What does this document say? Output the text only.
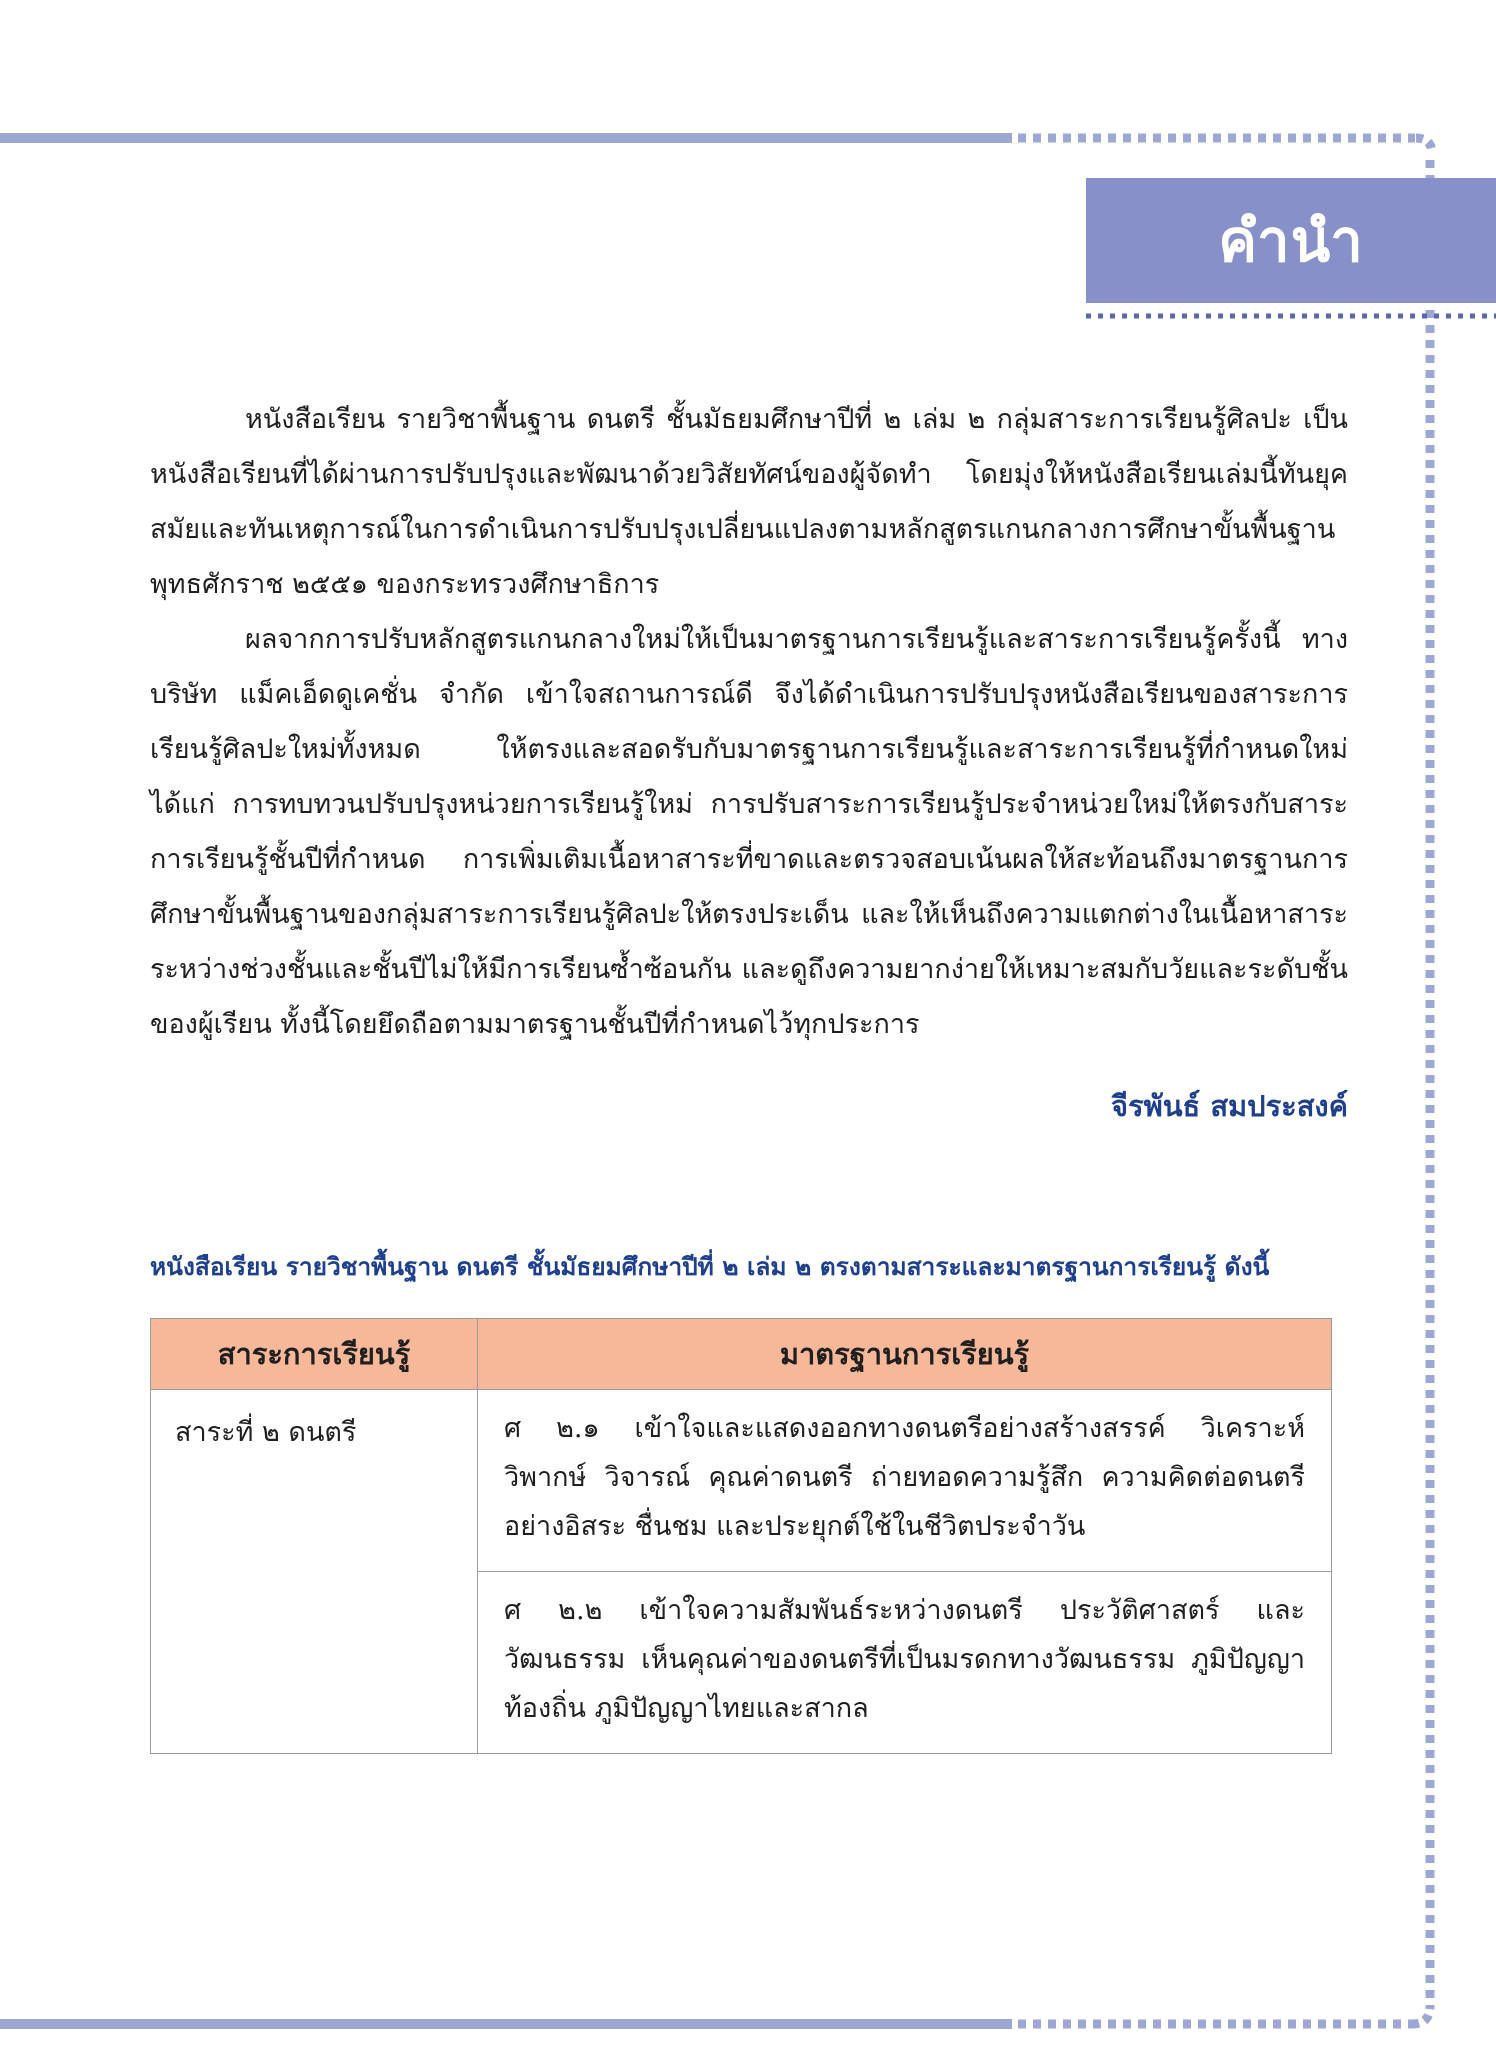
คำนำ

หนังสือเรียน รายวิชาพื้นฐาน ดนตรี ชั้นมัธยมศึกษาปีที่ ๒ เล่ม ๒ กลุ่มสาระการเรียนรู้ศิลปะ เป็นหนังสือเรียนที่ได้ผ่านการปรับปรุงและพัฒนาด้วยวิสัยทัศน์ของผู้จัดทำ โดยมุ่งให้หนังสือเรียนเล่มนี้ทันยุคสมัยและทันเหตุการณ์ในการดำเนินการปรับปรุงเปลี่ยนแปลงตามหลักสูตรแกนกลางการศึกษาขั้นพื้นฐาน พุทธศักราช ๒๕๕๑ ของกระทรวงศึกษาธิการ

ผลจากการปรับหลักสูตรแกนกลางใหม่ให้เป็นมาตรฐานการเรียนรู้และสาระการเรียนรู้ครั้งนี้ ทางบริษัท แม็คเอ็ดดูเคชั่น จำกัด เข้าใจสถานการณ์ดี จึงได้ดำเนินการปรับปรุงหนังสือเรียนของสาระการเรียนรู้ศิลปะใหม่ทั้งหมด ให้ตรงและสอดรับกับมาตรฐานการเรียนรู้และสาระการเรียนรู้ที่กำหนดใหม่ ได้แก่ การทบทวนปรับปรุงหน่วยการเรียนรู้ใหม่ การปรับสาระการเรียนรู้ประจำหน่วยใหม่ให้ตรงกับสาระการเรียนรู้ชั้นปีที่กำหนด การเพิ่มเติมเนื้อหาสาระที่ขาดและตรวจสอบเน้นผลให้สะท้อนถึงมาตรฐานการศึกษาขั้นพื้นฐานของกลุ่มสาระการเรียนรู้ศิลปะให้ตรงประเด็น และให้เห็นถึงความแตกต่างในเนื้อหาสาระระหว่างช่วงชั้นและชั้นปีไม่ให้มีการเรียนซ้ำซ้อนกัน และดูถึงความยากง่ายให้เหมาะสมกับวัยและระดับชั้นของผู้เรียน ทั้งนี้โดยยึดถือตามมาตรฐานชั้นปีที่กำหนดไว้ทุกประการ

จีรพันธ์ สมประสงค์
หนังสือเรียน รายวิชาพื้นฐาน ดนตรี ชั้นมัธยมศึกษาปีที่ ๒ เล่ม ๒ ตรงตามสาระและมาตรฐานการเรียนรู้ ดังนี้
สาระการเรียนรู้	มาตรฐานการเรียนรู้
สาระที่ ๒ ดนตรี	ศ ๒.๑ เข้าใจและแสดงออกทางดนตรีอย่างสร้างสรรค์ วิเคราะห์ วิพากษ์ วิจารณ์ คุณค่าดนตรี ถ่ายทอดความรู้สึก ความคิดต่อดนตรีอย่างอิสระ ชื่นชม และประยุกต์ใช้ในชีวิตประจำวัน
	ศ ๒.๒ เข้าใจความสัมพันธ์ระหว่างดนตรี ประวัติศาสตร์ และวัฒนธรรม เห็นคุณค่าของดนตรีที่เป็นมรดกทางวัฒนธรรม ภูมิปัญญาท้องถิ่น ภูมิปัญญาไทยและสากล
